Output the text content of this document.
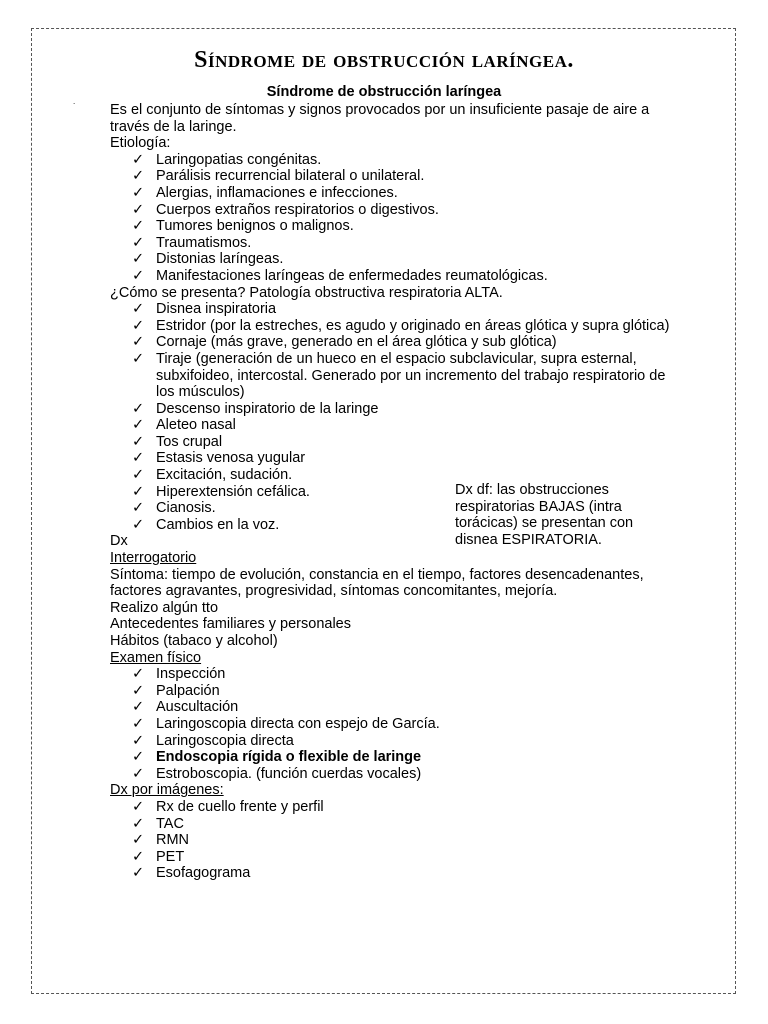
Síndrome de obstrucción laríngea.
Síndrome de obstrucción laríngea
.

Es el conjunto de síntomas y signos provocados por un insuficiente pasaje de aire a través de la laringe.

Etiología:

✓ Laringopatias congénitas.
✓ Parálisis recurrencial bilateral o unilateral.
✓ Alergias, inflamaciones e infecciones.
✓ Cuerpos extraños respiratorios o digestivos.
✓ Tumores benignos o malignos.
✓ Traumatismos.
✓ Distonias laríngeas.
✓ Manifestaciones laríngeas de enfermedades reumatológicas.

¿Cómo se presenta? Patología obstructiva respiratoria ALTA.

✓ Disnea inspiratoria
✓ Estridor (por la estreches, es agudo y originado en áreas glótica y supra glótica)
✓ Cornaje (más grave, generado en el área glótica y sub glótica)
✓ Tiraje (generación de un hueco en el espacio subclavicular, supra esternal, subxifoideo, intercostal. Generado por un incremento del trabajo respiratorio de los músculos)
✓ Descenso inspiratorio de la laringe
✓ Aleteo nasal
✓ Tos crupal
✓ Estasis venosa yugular
✓ Excitación, sudación.
✓ Hiperextensión cefálica.
✓ Cianosis.
✓ Cambios en la voz.

Dx

Interrogatorio

Síntoma: tiempo de evolución, constancia en el tiempo, factores desencadenantes, factores agravantes, progresividad, síntomas concomitantes, mejoría.

Realizo algún tto

Antecedentes familiares y personales

Hábitos (tabaco y alcohol)

Examen físico

✓ Inspección
✓ Palpación
✓ Auscultación
✓ Laringoscopia directa con espejo de García.
✓ Laringoscopia directa
✓ Endoscopia rígida o flexible de laringe
✓ Estroboscopia. (función cuerdas vocales)

Dx por imágenes:

✓ Rx de cuello frente y perfil
✓ TAC
✓ RMN
✓ PET
✓ Esofagograma

Dx df: las obstrucciones respiratorias BAJAS (intra torácicas) se presentan con disnea ESPIRATORIA.
